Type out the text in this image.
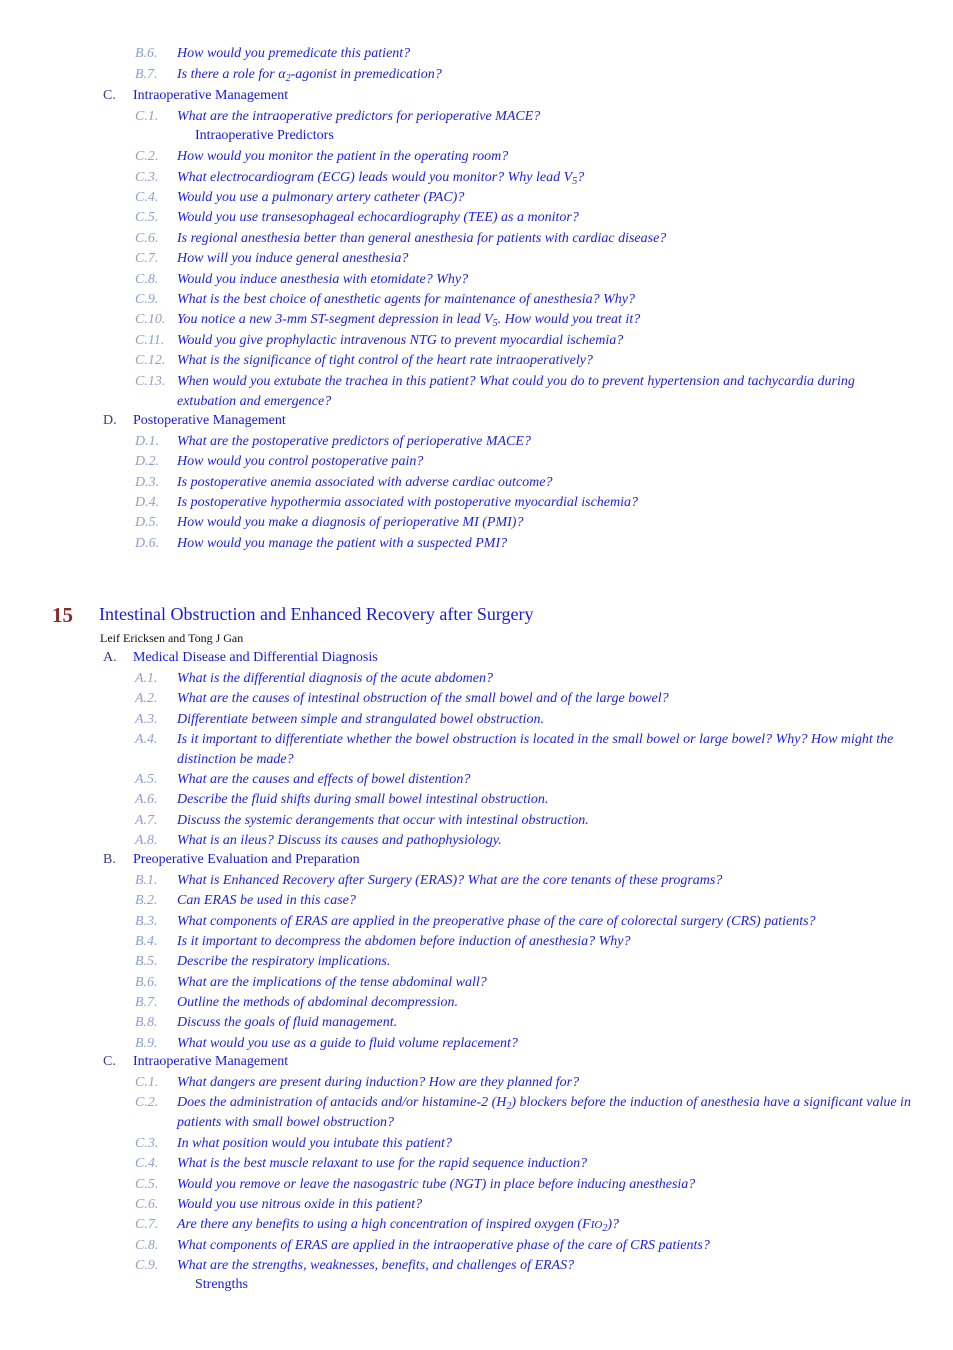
B.6. How would you premedicate this patient?
B.7. Is there a role for $\alpha_2$-agonist in premedication?
C. Intraoperative Management
C.1. What are the intraoperative predictors for perioperative MACE?
Intraoperative Predictors
C.2. How would you monitor the patient in the operating room?
C.3. What electrocardiogram (ECG) leads would you monitor? Why lead $V_5$?
C.4. Would you use a pulmonary artery catheter (PAC)?
C.5. Would you use transesophageal echocardiography (TEE) as a monitor?
C.6. Is regional anesthesia better than general anesthesia for patients with cardiac disease?
C.7. How will you induce general anesthesia?
C.8. Would you induce anesthesia with etomidate? Why?
C.9. What is the best choice of anesthetic agents for maintenance of anesthesia? Why?
C.10. You notice a new 3-mm ST-segment depression in lead $V_5$. How would you treat it?
C.11. Would you give prophylactic intravenous NTG to prevent myocardial ischemia?
C.12. What is the significance of tight control of the heart rate intraoperatively?
C.13. When would you extubate the trachea in this patient? What could you do to prevent hypertension and tachycardia during extubation and emergence?
D. Postoperative Management
D.1. What are the postoperative predictors of perioperative MACE?
D.2. How would you control postoperative pain?
D.3. Is postoperative anemia associated with adverse cardiac outcome?
D.4. Is postoperative hypothermia associated with postoperative myocardial ischemia?
D.5. How would you make a diagnosis of perioperative MI (PMI)?
D.6. How would you manage the patient with a suspected PMI?
15 Intestinal Obstruction and Enhanced Recovery after Surgery
Leif Ericksen and Tong J Gan
A. Medical Disease and Differential Diagnosis
A.1. What is the differential diagnosis of the acute abdomen?
A.2. What are the causes of intestinal obstruction of the small bowel and of the large bowel?
A.3. Differentiate between simple and strangulated bowel obstruction.
A.4. Is it important to differentiate whether the bowel obstruction is located in the small bowel or large bowel? Why? How might the distinction be made?
A.5. What are the causes and effects of bowel distention?
A.6. Describe the fluid shifts during small bowel intestinal obstruction.
A.7. Discuss the systemic derangements that occur with intestinal obstruction.
A.8. What is an ileus? Discuss its causes and pathophysiology.
B. Preoperative Evaluation and Preparation
B.1. What is Enhanced Recovery after Surgery (ERAS)? What are the core tenants of these programs?
B.2. Can ERAS be used in this case?
B.3. What components of ERAS are applied in the preoperative phase of the care of colorectal surgery (CRS) patients?
B.4. Is it important to decompress the abdomen before induction of anesthesia? Why?
B.5. Describe the respiratory implications.
B.6. What are the implications of the tense abdominal wall?
B.7. Outline the methods of abdominal decompression.
B.8. Discuss the goals of fluid management.
B.9. What would you use as a guide to fluid volume replacement?
C. Intraoperative Management
C.1. What dangers are present during induction? How are they planned for?
C.2. Does the administration of antacids and/or histamine-2 $(H_2)$ blockers before the induction of anesthesia have a significant value in patients with small bowel obstruction?
C.3. In what position would you intubate this patient?
C.4. What is the best muscle relaxant to use for the rapid sequence induction?
C.5. Would you remove or leave the nasogastric tube (NGT) in place before inducing anesthesia?
C.6. Would you use nitrous oxide in this patient?
C.7. Are there any benefits to using a high concentration of inspired oxygen $(FIO_2)$?
C.8. What components of ERAS are applied in the intraoperative phase of the care of CRS patients?
C.9. What are the strengths, weaknesses, benefits, and challenges of ERAS?
Strengths
